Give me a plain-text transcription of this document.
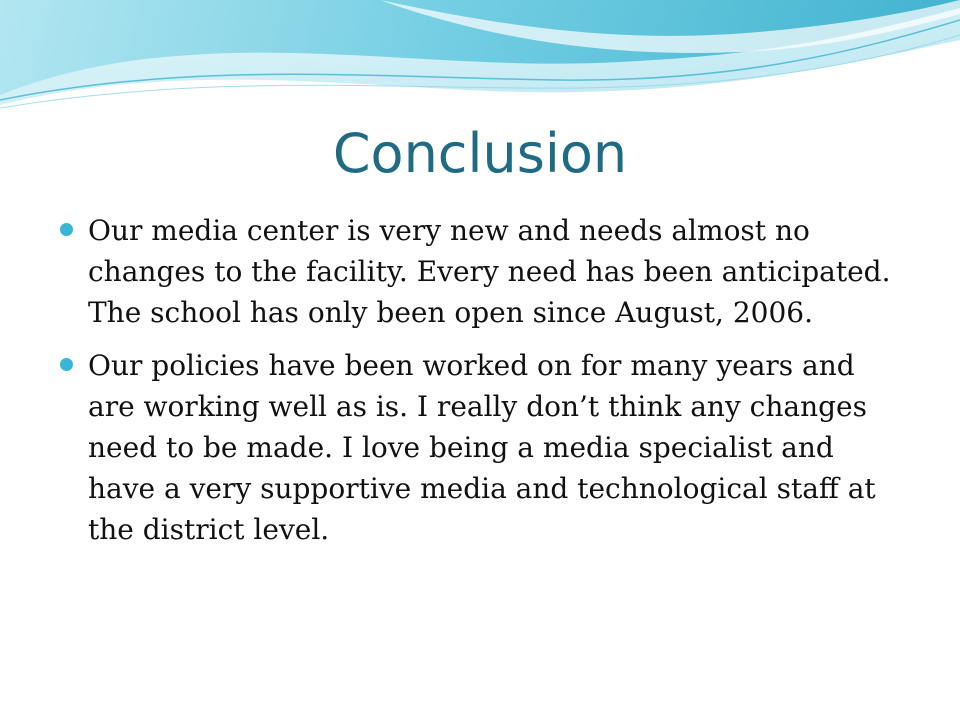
Conclusion
Our media center is very new and needs almost no changes to the facility. Every need has been anticipated. The school has only been open since August, 2006.
Our policies have been worked on for many years and are working well as is. I really don’t think any changes need to be made. I love being a media specialist and have a very supportive media and technological staff at the district level.
